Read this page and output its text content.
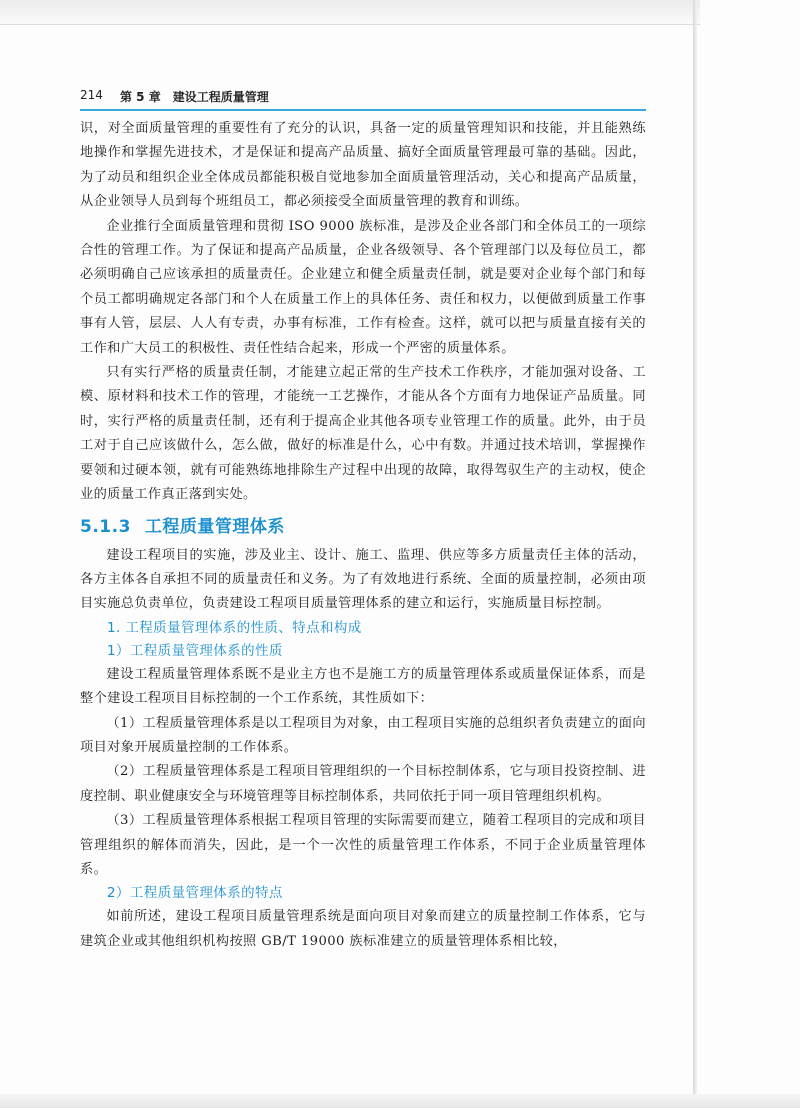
214 第 5 章　建设工程质量管理

识，对全面质量管理的重要性有了充分的认识，具备一定的质量管理知识和技能，并且能熟练地操作和掌握先进技术，才是保证和提高产品质量、搞好全面质量管理最可靠的基础。因此，为了动员和组织企业全体成员都能积极自觉地参加全面质量管理活动，关心和提高产品质量，从企业领导人员到每个班组员工，都必须接受全面质量管理的教育和训练。

企业推行全面质量管理和贯彻 ISO 9000 族标准，是涉及企业各部门和全体员工的一项综合性的管理工作。为了保证和提高产品质量，企业各级领导、各个管理部门以及每位员工，都必须明确自己应该承担的质量责任。企业建立和健全质量责任制，就是要对企业每个部门和每个员工都明确规定各部门和个人在质量工作上的具体任务、责任和权力，以便做到质量工作事事有人管，层层、人人有专责，办事有标准，工作有检查。这样，就可以把与质量直接有关的工作和广大员工的积极性、责任性结合起来，形成一个严密的质量体系。

只有实行严格的质量责任制，才能建立起正常的生产技术工作秩序，才能加强对设备、工模、原材料和技术工作的管理，才能统一工艺操作，才能从各个方面有力地保证产品质量。同时，实行严格的质量责任制，还有利于提高企业其他各项专业管理工作的质量。此外，由于员工对于自己应该做什么，怎么做，做好的标准是什么，心中有数。并通过技术培训，掌握操作要领和过硬本领，就有可能熟练地排除生产过程中出现的故障，取得驾驭生产的主动权，使企业的质量工作真正落到实处。

5.1.3 工程质量管理体系

建设工程项目的实施，涉及业主、设计、施工、监理、供应等多方质量责任主体的活动，各方主体各自承担不同的质量责任和义务。为了有效地进行系统、全面的质量控制，必须由项目实施总负责单位，负责建设工程项目质量管理体系的建立和运行，实施质量目标控制。

1. 工程质量管理体系的性质、特点和构成

1）工程质量管理体系的性质

建设工程质量管理体系既不是业主方也不是施工方的质量管理体系或质量保证体系，而是整个建设工程项目目标控制的一个工作系统，其性质如下：

（1）工程质量管理体系是以工程项目为对象，由工程项目实施的总组织者负责建立的面向项目对象开展质量控制的工作体系。

（2）工程质量管理体系是工程项目管理组织的一个目标控制体系，它与项目投资控制、进度控制、职业健康安全与环境管理等目标控制体系，共同依托于同一项目管理组织机构。

（3）工程质量管理体系根据工程项目管理的实际需要而建立，随着工程项目的完成和项目管理组织的解体而消失，因此，是一个一次性的质量管理工作体系，不同于企业质量管理体系。

2）工程质量管理体系的特点

如前所述，建设工程项目质量管理系统是面向项目对象而建立的质量控制工作体系，它与建筑企业或其他组织机构按照 GB/T 19000 族标准建立的质量管理体系相比较，
